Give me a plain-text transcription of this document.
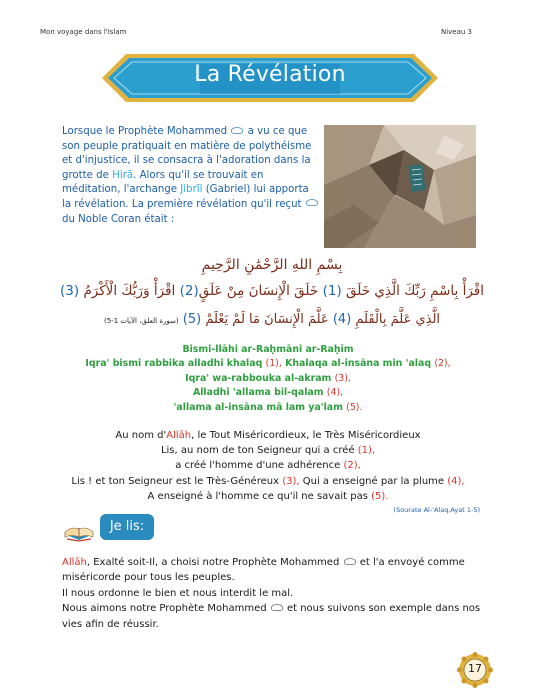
Mon voyage dans l'Islam	Niveau 3
La Révélation
Lorsque le Prophète Mohammed a vu ce que son peuple pratiquait en matière de polythéisme et d'injustice, il se consacra à l'adoration dans la grotte de Hirā. Alors qu'il se trouvait en méditation, l'archange Jibrīl (Gabriel) lui apporta la révélation. La première révélation qu'il reçut  du Noble Coran était :
بِسْمِ اللهِ الرَّحْمَٰنِ الرَّحِيمِ
اقْرَأْ بِاسْمِ رَبِّكَ الَّذِي خَلَقَ (1) خَلَقَ الْإِنسَانَ مِنْ عَلَقٍ(2) اقْرَأْ وَرَبُّكَ الْأَكْرَمُ (3)
الَّذِي عَلَّمَ بِالْقَلَمِ (4) عَلَّمَ الْإِنسَانَ مَا لَمْ يَعْلَمْ (5) (سورة العلق، الآيات 1-5)
Bismi-llāhi ar-Raḥmāni ar-Raḥīm
Iqra' bismi rabbika alladhi khalaq (1), Khalaqa al-insāna min 'alaq (2),
Iqra' wa-rabbouka al-akram (3),
Alladhi 'allama bil-qalam (4),
'allama al-insāna mā lam ya'lam (5).
Au nom d'Allāh, le Tout Miséricordieux, le Très Miséricordieux
Lis, au nom de ton Seigneur qui a créé (1),
a créé l'homme d'une adhérence (2),
Lis ! et ton Seigneur est le Très-Généreux (3), Qui a enseigné par la plume (4),
A enseigné à l'homme ce qu'il ne savait pas (5).
(Sourate Al-'Alaq,Ayat 1-5)
Je lis:
Allāh, Exalté soit-Il, a choisi notre Prophète Mohammed et l'a envoyé comme miséricorde pour tous les peuples.
Il nous ordonne le bien et nous interdit le mal.
Nous aimons notre Prophète Mohammed et nous suivons son exemple dans nos vies afin de réussir.
17
